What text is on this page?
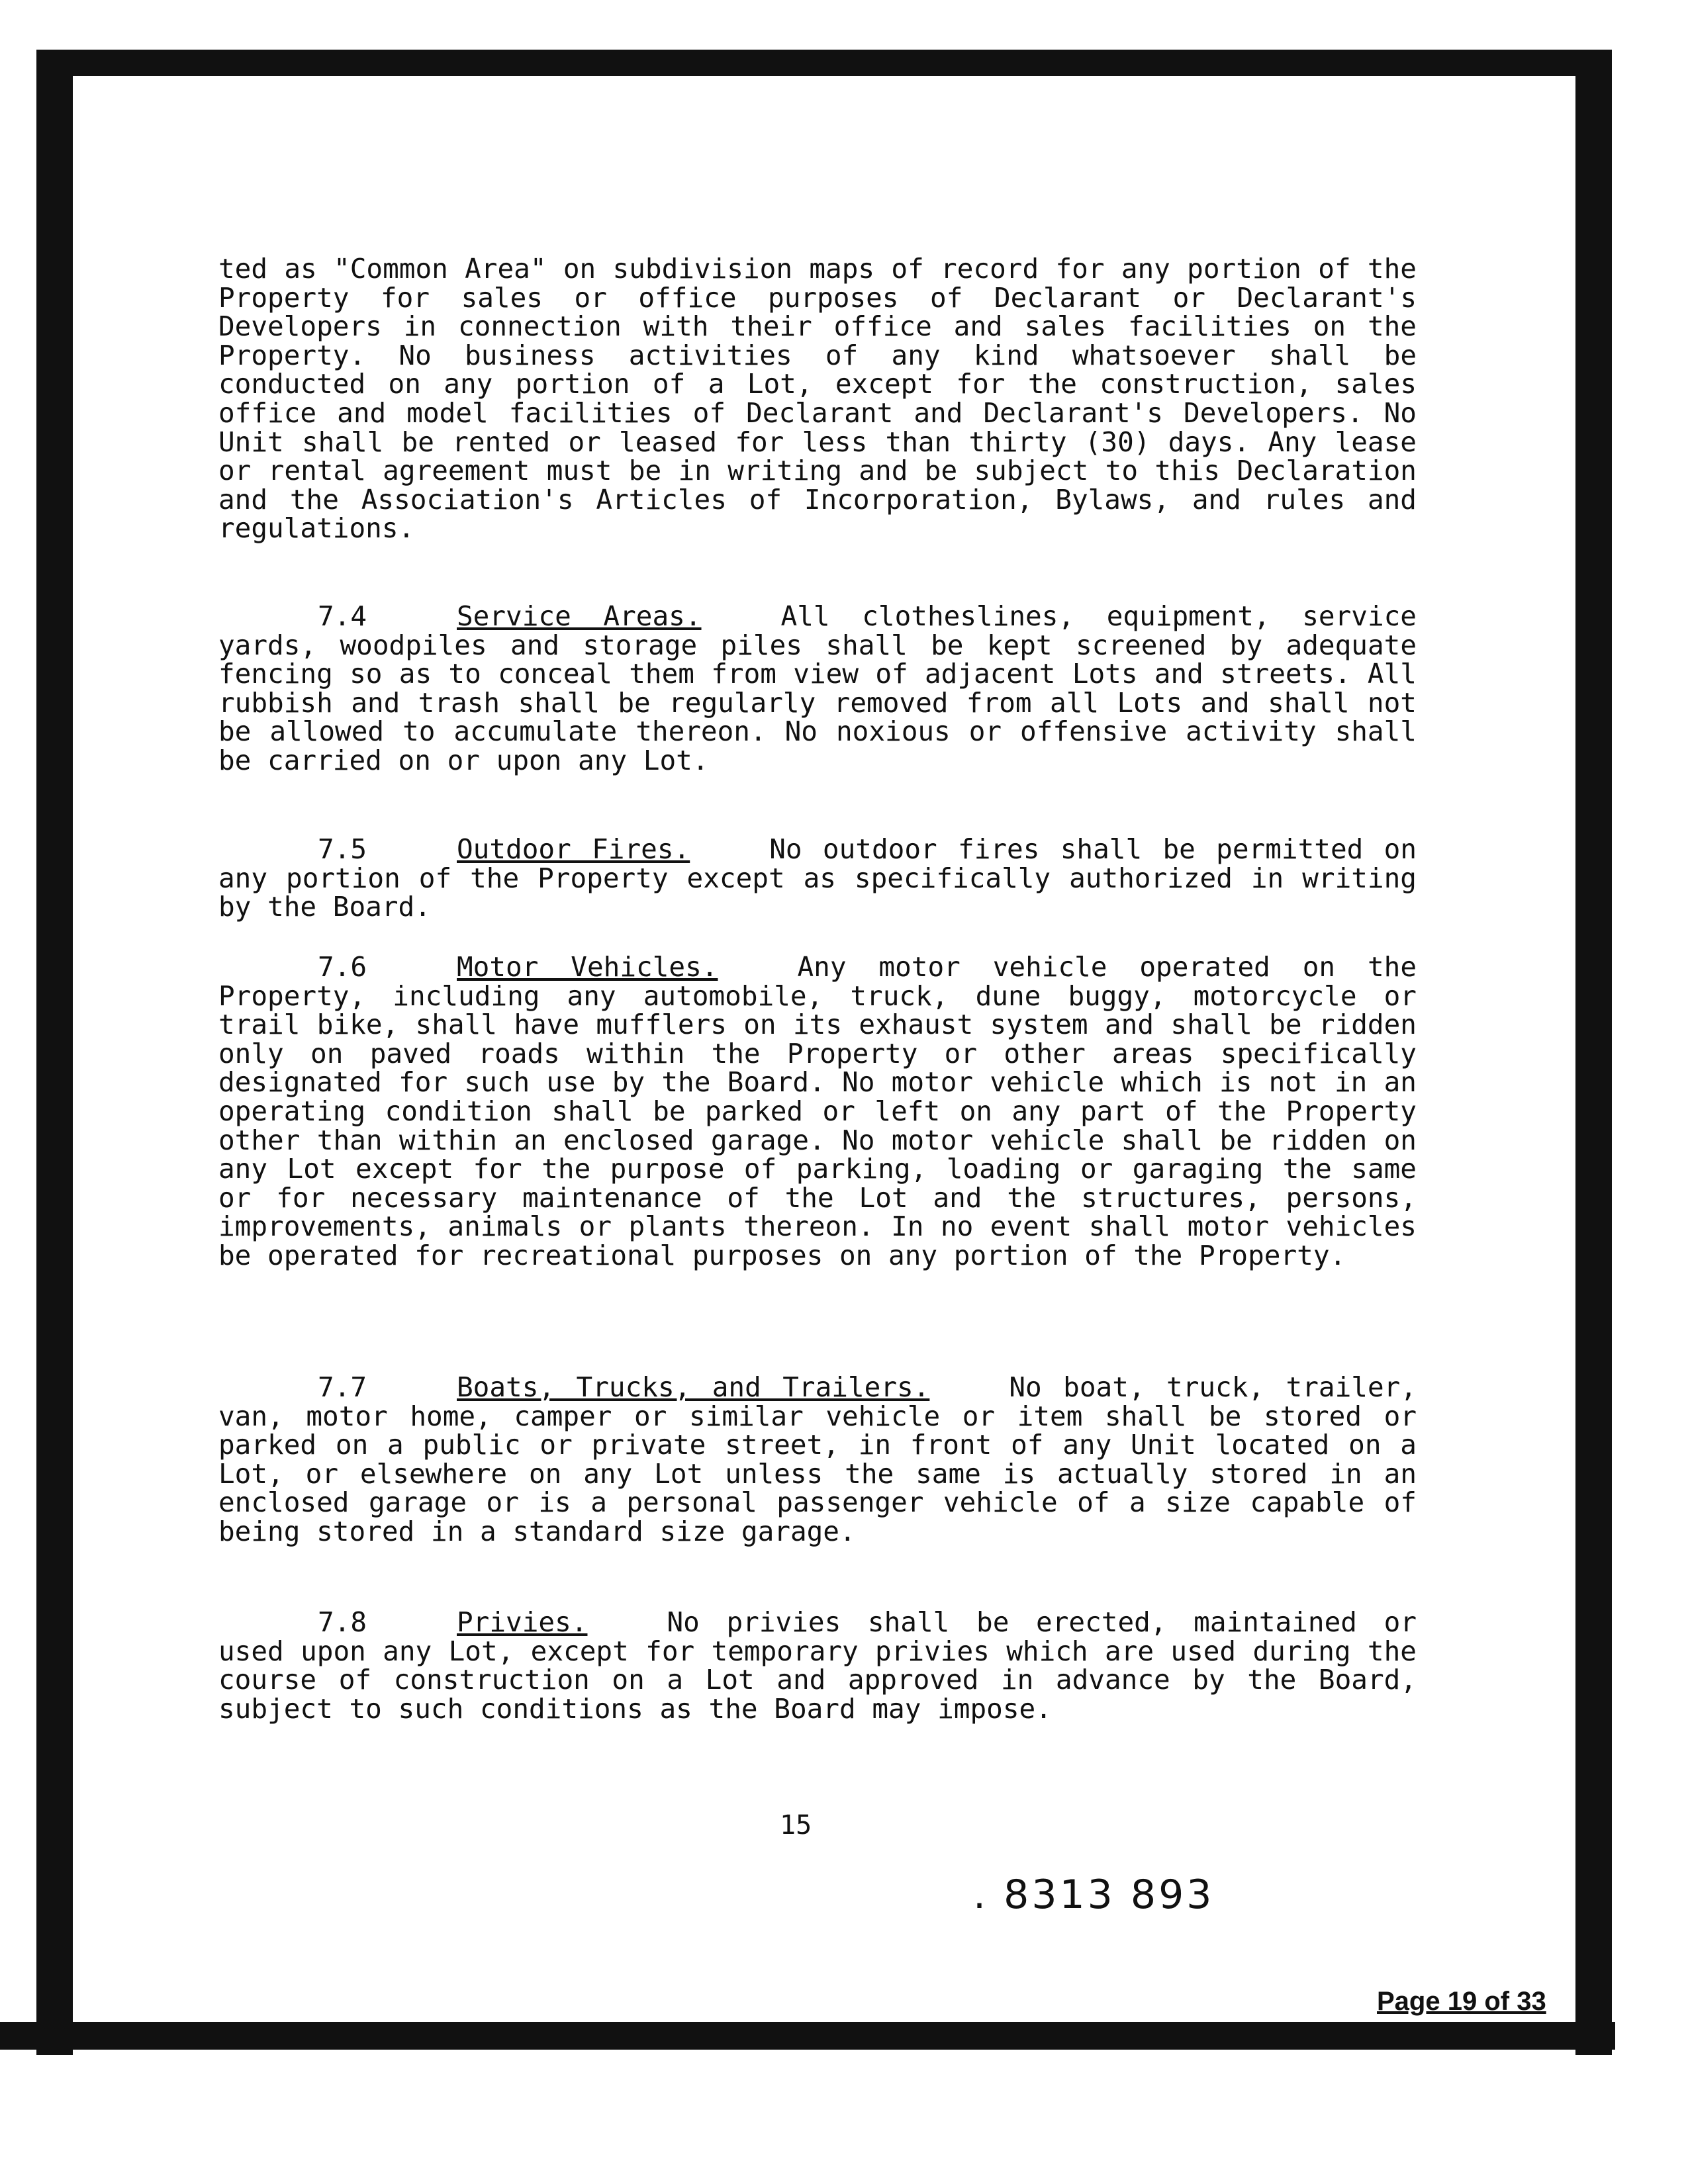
ted as "Common Area" on subdivision maps of record for any portion of the Property for sales or office purposes of Declarant or Declarant's Developers in connection with their office and sales facilities on the Property. No business activities of any kind whatsoever shall be conducted on any portion of a Lot, except for the construction, sales office and model facilities of Declarant and Declarant's Developers. No Unit shall be rented or leased for less than thirty (30) days. Any lease or rental agreement must be in writing and be subject to this Declaration and the Association's Articles of Incorporation, Bylaws, and rules and regulations.

7.4	Service Areas.	All clotheslines, equipment, service yards, woodpiles and storage piles shall be kept screened by adequate fencing so as to conceal them from view of adjacent Lots and streets. All rubbish and trash shall be regularly removed from all Lots and shall not be allowed to accumulate thereon. No noxious or offensive activity shall be carried on or upon any Lot.

7.5	Outdoor Fires.	No outdoor fires shall be permitted on any portion of the Property except as specifically authorized in writing by the Board.

7.6	Motor Vehicles.	Any motor vehicle operated on the Property, including any automobile, truck, dune buggy, motorcycle or trail bike, shall have mufflers on its exhaust system and shall be ridden only on paved roads within the Property or other areas specifically designated for such use by the Board. No motor vehicle which is not in an operating condition shall be parked or left on any part of the Property other than within an enclosed garage. No motor vehicle shall be ridden on any Lot except for the purpose of parking, loading or garaging the same or for necessary maintenance of the Lot and the structures, persons, improvements, animals or plants thereon. In no event shall motor vehicles be operated for recreational purposes on any portion of the Property.

7.7	Boats, Trucks, and Trailers.	No boat, truck, trailer, van, motor home, camper or similar vehicle or item shall be stored or parked on a public or private street, in front of any Unit located on a Lot, or elsewhere on any Lot unless the same is actually stored in an enclosed garage or is a personal passenger vehicle of a size capable of being stored in a standard size garage.

7.8	Privies.	No privies shall be erected, maintained or used upon any Lot, except for temporary privies which are used during the course of construction on a Lot and approved in advance by the Board, subject to such conditions as the Board may impose.

15
. 8313 893
Page 19 of 33
